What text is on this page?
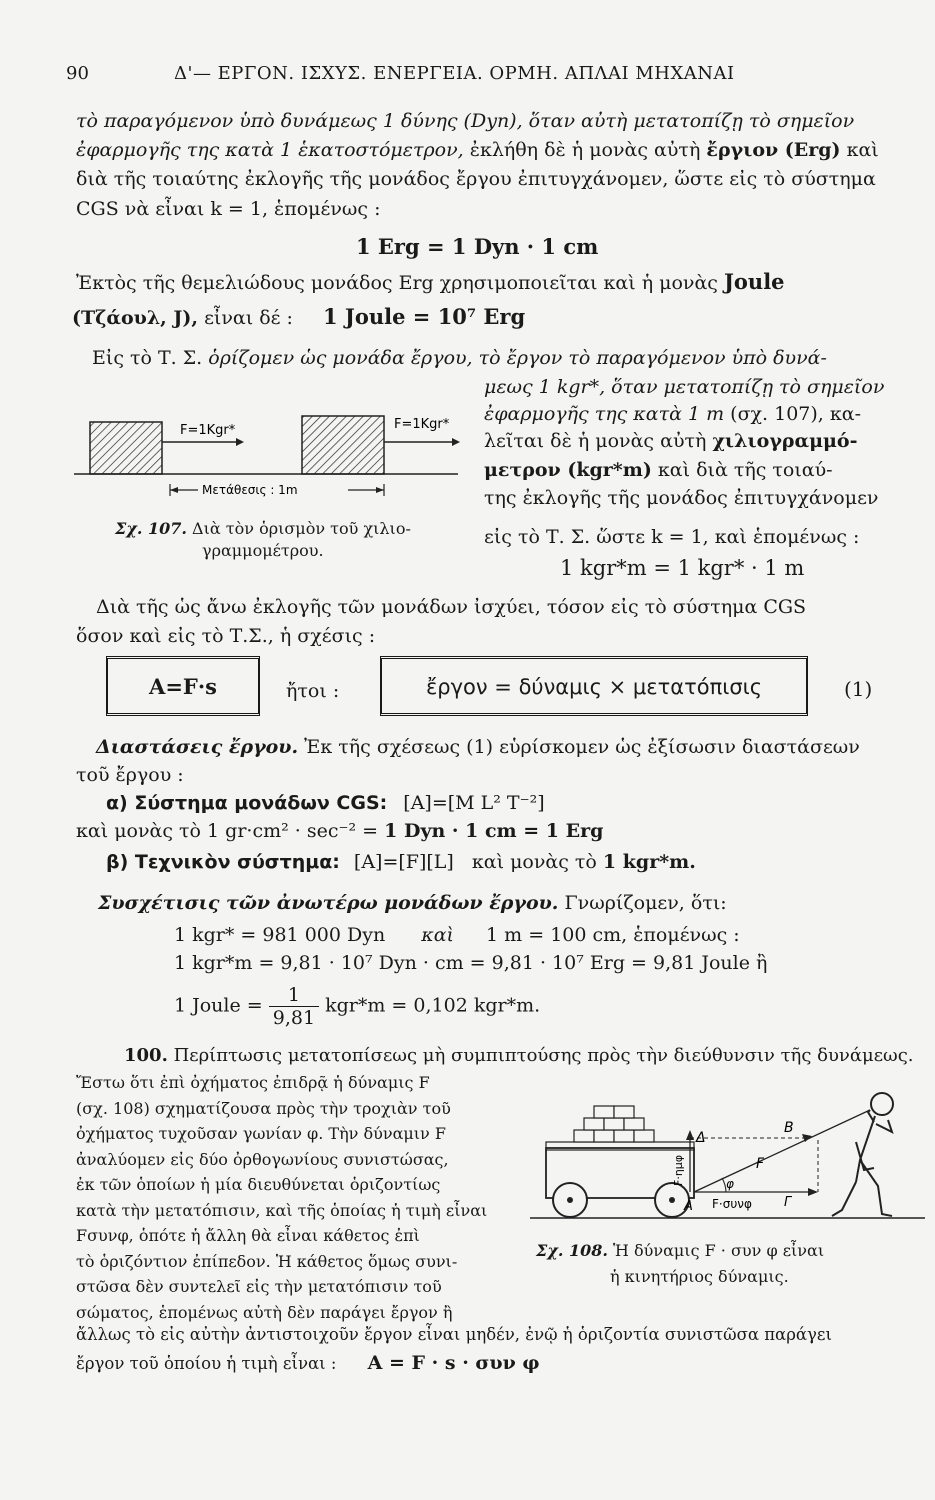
90	Δ'— ΕΡΓΟΝ. ΙΣΧΥΣ. ΕΝΕΡΓΕΙΑ. ΟΡΜΗ. ΑΠΛΑΙ ΜΗΧΑΝΑΙ
τὸ παραγόμενον ὑπὸ δυνάμεως 1 δύνης (Dyn), ὅταν αὐτὴ μετατοπίζῃ τὸ σημεῖον
ἐφαρμογῆς της κατὰ 1 ἑκατοστόμετρον, ἐκλήθη δὲ ἡ μονὰς αὐτὴ ἔργιον (Erg) καὶ
διὰ τῆς τοιαύτης ἐκλογῆς τῆς μονάδος ἔργου ἐπιτυγχάνομεν, ὥστε εἰς τὸ σύστημα
CGS νὰ εἶναι k = 1, ἑπομένως :
1 Erg = 1 Dyn · 1 cm
Ἐκτὸς τῆς θεμελιώδους μονάδος Erg χρησιμοποιεῖται καὶ ἡ μονὰς Joule
(Τζάουλ, J), εἶναι δέ : 1 Joule = 10⁷ Erg
Εἰς τὸ Τ. Σ. ὁρίζομεν ὡς μονάδα ἔργου, τὸ ἔργον τὸ παραγόμενον ὑπὸ δυνά-
μεως 1 kgr*, ὅταν μετατοπίζῃ τὸ σημεῖον
ἐφαρμογῆς της κατὰ 1 m (σχ. 107), κα-
λεῖται δὲ ἡ μονὰς αὐτὴ χιλιογραμμό-
μετρον (kgr*m) καὶ διὰ τῆς τοιαύ-
της ἐκλογῆς τῆς μονάδος ἐπιτυγχάνομεν
εἰς τὸ Τ. Σ. ὥστε k = 1, καὶ ἑπομένως :
1 kgr*m = 1 kgr* · 1 m
F=1Kgr*	F=1Kgr*
Μετάθεσις : 1m
Σχ. 107. Διὰ τὸν ὁρισμὸν τοῦ χιλιο-
γραμμομέτρου.
Διὰ τῆς ὡς ἄνω ἐκλογῆς τῶν μονάδων ἰσχύει, τόσον εἰς τὸ σύστημα CGS
ὅσον καὶ εἰς τὸ Τ.Σ., ἡ σχέσις :
A=F·s	ἤτοι :	ἔργον = δύναμις × μετατόπισις	(1)
Διαστάσεις ἔργου. Ἐκ τῆς σχέσεως (1) εὑρίσκομεν ὡς ἐξίσωσιν διαστάσεων
τοῦ ἔργου :
α) Σύστημα μονάδων CGS: [A]=[M L² T⁻²]
καὶ μονὰς τὸ 1 gr·cm² · sec⁻² = 1 Dyn · 1 cm = 1 Erg
β) Τεχνικὸν σύστημα: [A]=[F][L] καὶ μονὰς τὸ 1 kgr*m.
Συσχέτισις τῶν ἀνωτέρω μονάδων ἔργου. Γνωρίζομεν, ὅτι:
1 kgr* = 981 000 Dyn καὶ 1 m = 100 cm, ἑπομένως :
1 kgr*m = 9,81 · 10⁷ Dyn · cm = 9,81 · 10⁷ Erg = 9,81 Joule ἢ
1 Joule = $\frac{1}{9,81} kgr*m = 0,102$ kgr*m.
100. Περίπτωσις μετατοπίσεως μὴ συμπιπτούσης πρὸς τὴν διεύθυνσιν τῆς δυνάμεως.
Ἔστω ὅτι ἐπὶ ὀχήματος ἐπιδρᾷ ἡ δύναμις F
(σχ. 108) σχηματίζουσα πρὸς τὴν τροχιὰν τοῦ
ὀχήματος τυχοῦσαν γωνίαν φ. Τὴν δύναμιν F
ἀναλύομεν εἰς δύο ὀρθογωνίους συνιστώσας,
ἐκ τῶν ὁποίων ἡ μία διευθύνεται ὁριζοντίως
κατὰ τὴν μετατόπισιν, καὶ τῆς ὁποίας ἡ τιμὴ εἶναι
Fσυνφ, ὁπότε ἡ ἄλλη θὰ εἶναι κάθετος ἐπὶ
τὸ ὁριζόντιον ἐπίπεδον. Ἡ κάθετος ὅμως συνι-
στῶσα δὲν συντελεῖ εἰς τὴν μετατόπισιν τοῦ
σώματος, ἑπομένως αὐτὴ δὲν παράγει ἔργον ἢ
ἄλλως τὸ εἰς αὐτὴν ἀντιστοιχοῦν ἔργον εἶναι μηδέν, ἐνῷ ἡ ὁριζοντία συνιστῶσα παράγει
ἔργον τοῦ ὁποίου ἡ τιμὴ εἶναι : A = F · s · συν φ
Δ
B
F
φ
F·συνφ
A	Γ
F·ημφ
Σχ. 108. Ἡ δύναμις F · συν φ εἶναι
ἡ κινητήριος δύναμις.
